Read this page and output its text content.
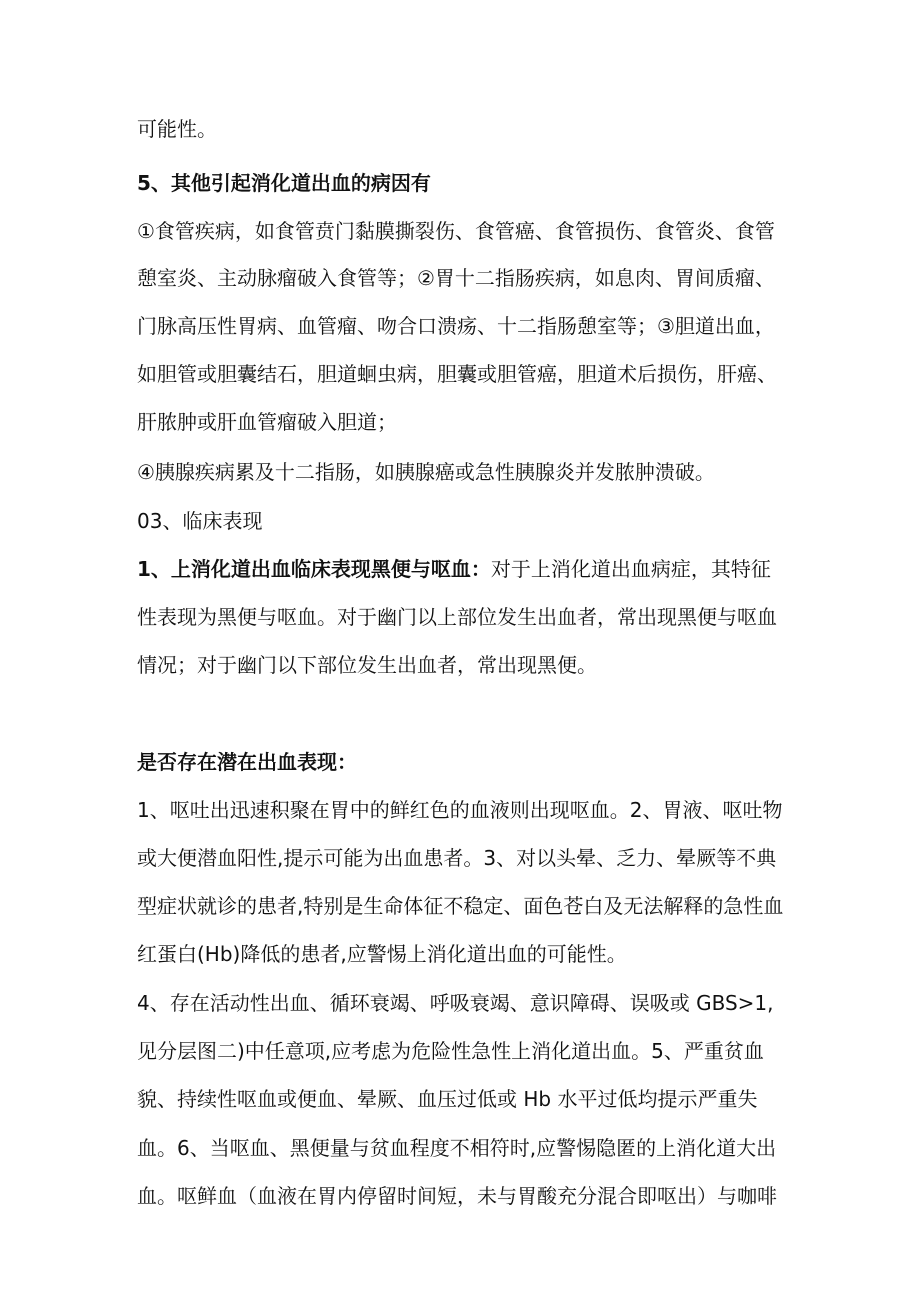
可能性。
5、其他引起消化道出血的病因有
①食管疾病，如食管贲门黏膜撕裂伤、食管癌、食管损伤、食管炎、食管
憩室炎、主动脉瘤破入食管等；②胃十二指肠疾病，如息肉、胃间质瘤、
门脉高压性胃病、血管瘤、吻合口溃疡、十二指肠憩室等；③胆道出血，
如胆管或胆囊结石，胆道蛔虫病，胆囊或胆管癌，胆道术后损伤，肝癌、
肝脓肿或肝血管瘤破入胆道；
④胰腺疾病累及十二指肠，如胰腺癌或急性胰腺炎并发脓肿溃破。
03、临床表现
1、上消化道出血临床表现黑便与呕血：对于上消化道出血病症，其特征
性表现为黑便与呕血。对于幽门以上部位发生出血者，常出现黑便与呕血
情况；对于幽门以下部位发生出血者，常出现黑便。
是否存在潜在出血表现：
1、呕吐出迅速积聚在胃中的鲜红色的血液则出现呕血。2、胃液、呕吐物
或大便潜血阳性,提示可能为出血患者。3、对以头晕、乏力、晕厥等不典
型症状就诊的患者,特别是生命体征不稳定、面色苍白及无法解释的急性血
红蛋白(Hb)降低的患者,应警惕上消化道出血的可能性。
4、存在活动性出血、循环衰竭、呼吸衰竭、意识障碍、误吸或 GBS>1,
见分层图二)中任意项,应考虑为危险性急性上消化道出血。5、严重贫血
貌、持续性呕血或便血、晕厥、血压过低或 Hb 水平过低均提示严重失
血。6、当呕血、黑便量与贫血程度不相符时,应警惕隐匿的上消化道大出
血。呕鲜血（血液在胃内停留时间短，未与胃酸充分混合即呕出）与咖啡
